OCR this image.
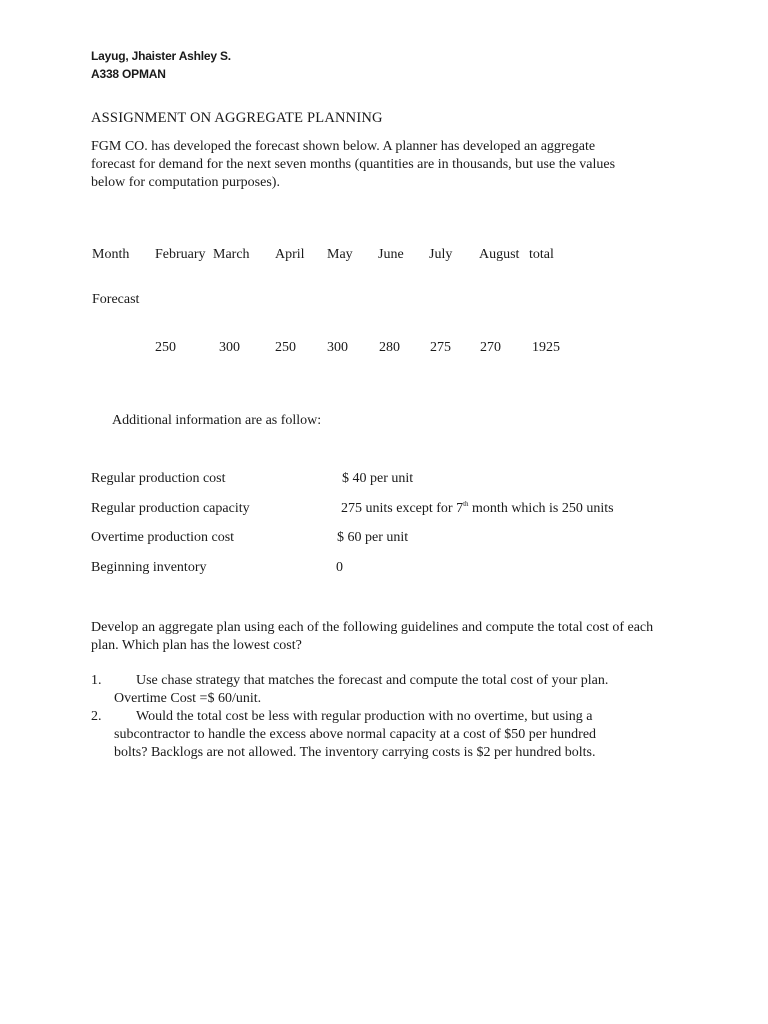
Layug, Jhaister Ashley S.
A338 OPMAN
ASSIGNMENT ON AGGREGATE PLANNING
FGM CO. has developed the forecast shown below. A planner has developed an aggregate
forecast for demand for the next seven months (quantities are in thousands, but use the values
below for computation purposes).
Month February March April May June July August total
Forecast
250	300	250 300 280 275 270 1925
Additional information are as follow:
Regular production cost	$ 40 per unit
Regular production capacity	275 units except for 7th month which is 250 units
Overtime production cost	$ 60 per unit
Beginning inventory	0
Develop an aggregate plan using each of the following guidelines and compute the total cost of each
plan. Which plan has the lowest cost?
1. Use chase strategy that matches the forecast and compute the total cost of your plan.
Overtime Cost =$ 60/unit.
2. Would the total cost be less with regular production with no overtime, but using a
subcontractor to handle the excess above normal capacity at a cost of $50 per hundred
bolts? Backlogs are not allowed. The inventory carrying costs is $2 per hundred bolts.
